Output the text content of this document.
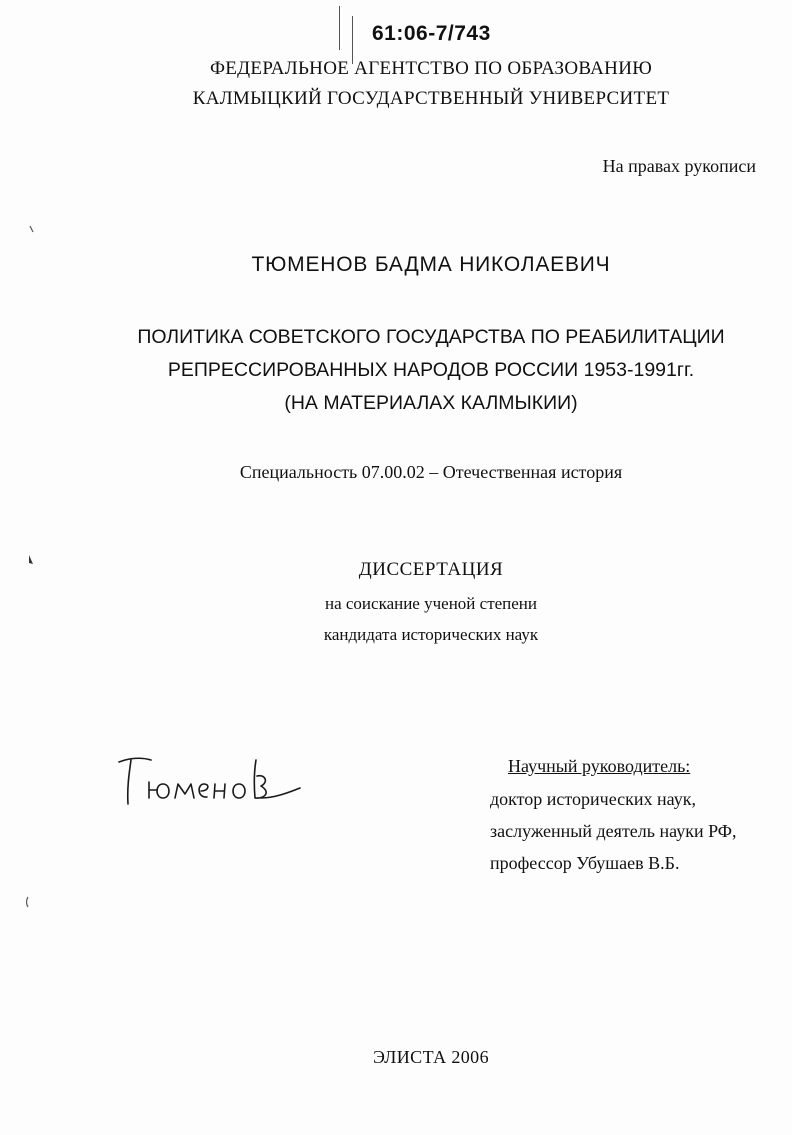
61:06-7/743
ФЕДЕРАЛЬНОЕ АГЕНТСТВО ПО ОБРАЗОВАНИЮ
КАЛМЫЦКИЙ ГОСУДАРСТВЕННЫЙ УНИВЕРСИТЕТ
На правах рукописи
ТЮМЕНОВ БАДМА НИКОЛАЕВИЧ
ПОЛИТИКА СОВЕТСКОГО ГОСУДАРСТВА ПО РЕАБИЛИТАЦИИ
РЕПРЕССИРОВАННЫХ НАРОДОВ РОССИИ 1953-1991гг.
(НА МАТЕРИАЛАХ КАЛМЫКИИ)
Специальность 07.00.02 – Отечественная история
ДИССЕРТАЦИЯ
на соискание ученой степени
кандидата исторических наук
Научный руководитель:
доктор исторических наук,
заслуженный деятель науки РФ,
профессор Убушаев В.Б.
ЭЛИСТА 2006
